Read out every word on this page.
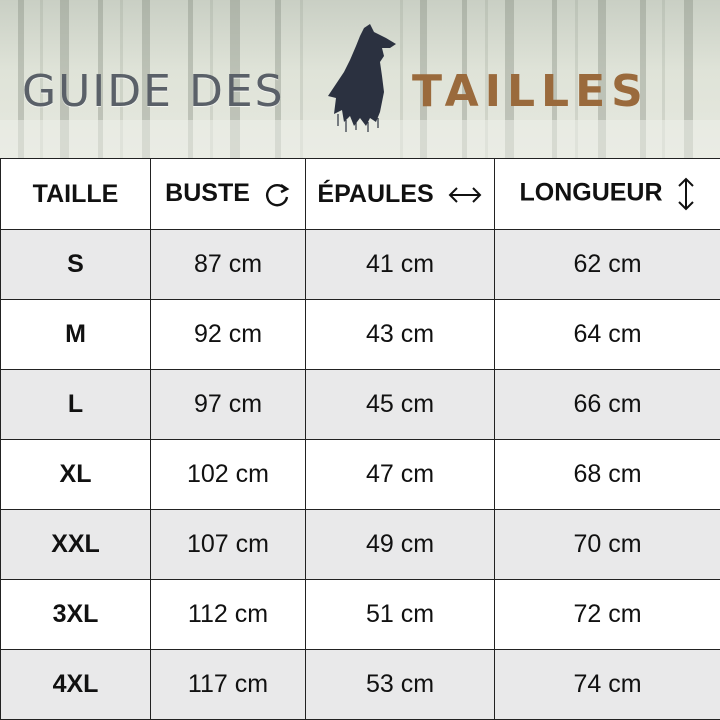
GUIDE DES	TAILLES
TAILLE	BUSTE	ÉPAULES	LONGUEUR
S	87 cm	41 cm	62 cm
M	92 cm	43 cm	64 cm
L	97 cm	45 cm	66 cm
XL	102 cm	47 cm	68 cm
XXL	107 cm	49 cm	70 cm
3XL	112 cm	51 cm	72 cm
4XL	117 cm	53 cm	74 cm
